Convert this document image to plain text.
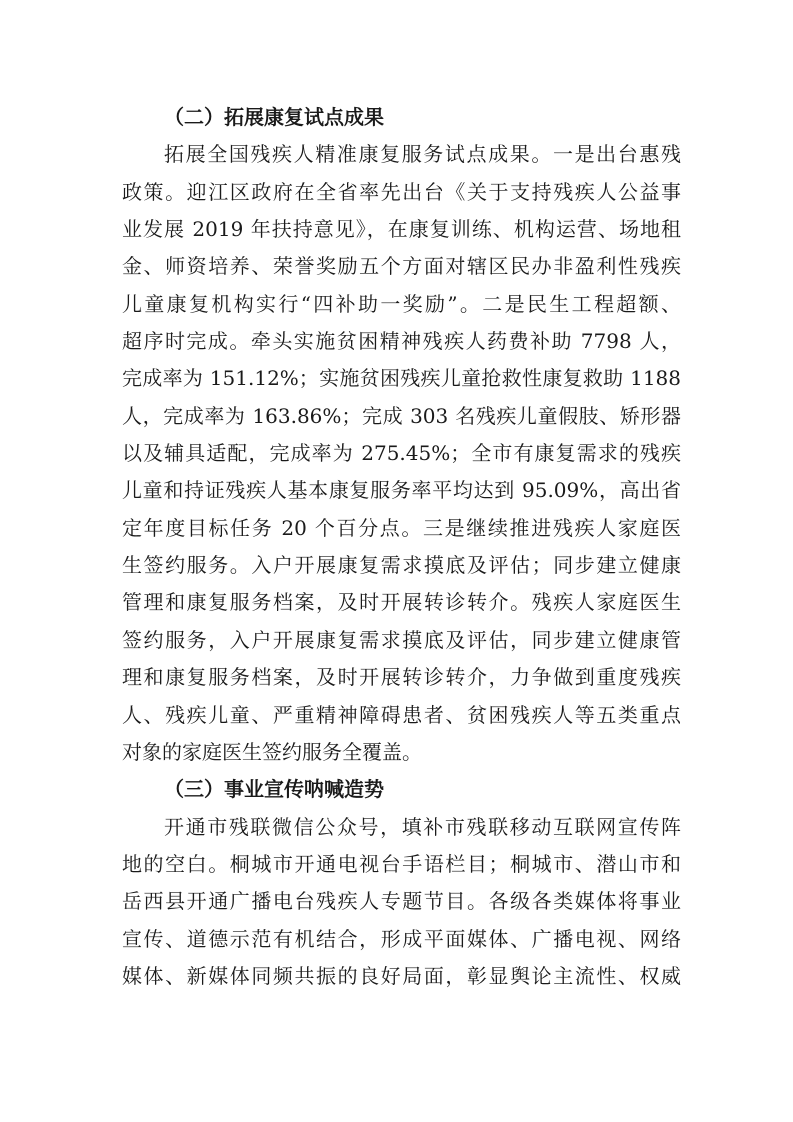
（二）拓展康复试点成果
拓展全国残疾人精准康复服务试点成果。一是出台惠残
政策。迎江区政府在全省率先出台《关于支持残疾人公益事
业发展 2019 年扶持意见》，在康复训练、机构运营、场地租
金、师资培养、荣誉奖励五个方面对辖区民办非盈利性残疾
儿童康复机构实行“四补助一奖励”。二是民生工程超额、
超序时完成。牵头实施贫困精神残疾人药费补助 7798 人，
完成率为 151.12%；实施贫困残疾儿童抢救性康复救助 1188
人，完成率为 163.86%；完成 303 名残疾儿童假肢、矫形器
以及辅具适配，完成率为 275.45%；全市有康复需求的残疾
儿童和持证残疾人基本康复服务率平均达到 95.09%，高出省
定年度目标任务 20 个百分点。三是继续推进残疾人家庭医
生签约服务。入户开展康复需求摸底及评估；同步建立健康
管理和康复服务档案，及时开展转诊转介。残疾人家庭医生
签约服务，入户开展康复需求摸底及评估，同步建立健康管
理和康复服务档案，及时开展转诊转介，力争做到重度残疾
人、残疾儿童、严重精神障碍患者、贫困残疾人等五类重点
对象的家庭医生签约服务全覆盖。
（三）事业宣传呐喊造势
开通市残联微信公众号，填补市残联移动互联网宣传阵
地的空白。桐城市开通电视台手语栏目；桐城市、潜山市和
岳西县开通广播电台残疾人专题节目。各级各类媒体将事业
宣传、道德示范有机结合，形成平面媒体、广播电视、网络
媒体、新媒体同频共振的良好局面，彰显舆论主流性、权威
